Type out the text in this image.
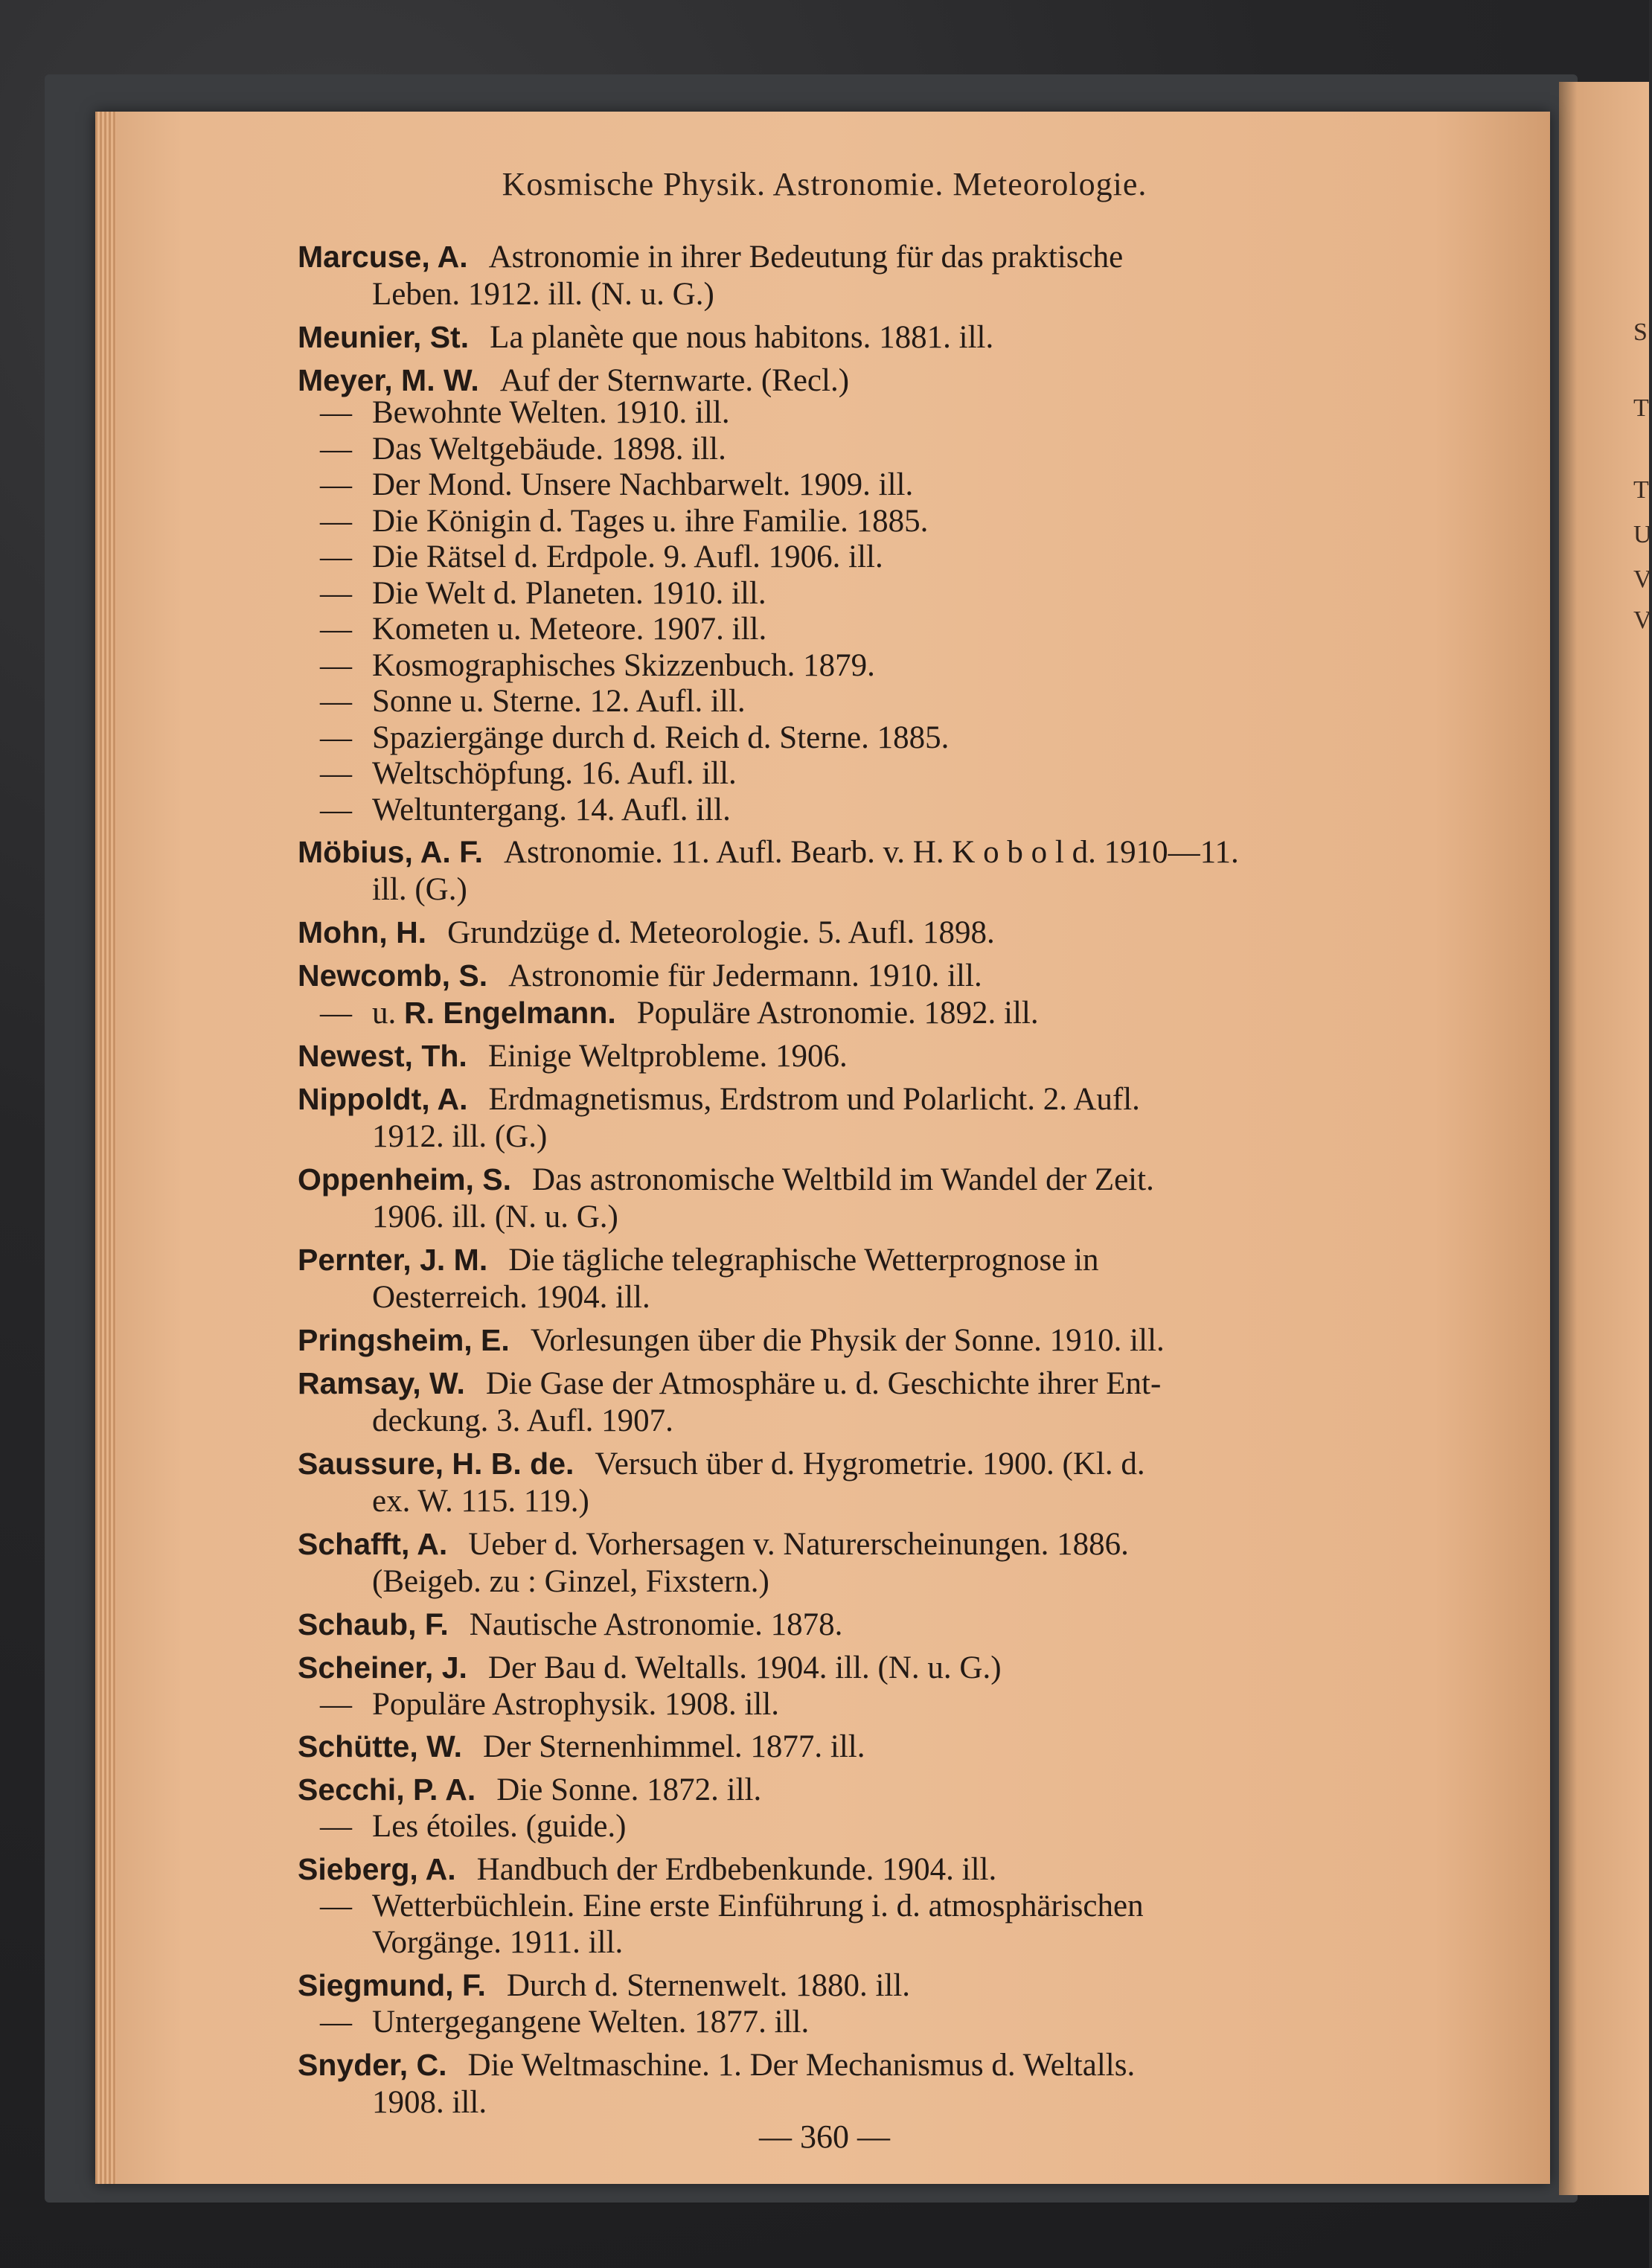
S
T
T
U
V
V
Kosmische Physik. Astronomie. Meteorologie.
Marcuse, A. Astronomie in ihrer Bedeutung für das praktische
Leben. 1912. ill. (N. u. G.)
Meunier, St. La planète que nous habitons. 1881. ill.
Meyer, M. W. Auf der Sternwarte. (Recl.)
— Bewohnte Welten. 1910. ill.
— Das Weltgebäude. 1898. ill.
— Der Mond. Unsere Nachbarwelt. 1909. ill.
— Die Königin d. Tages u. ihre Familie. 1885.
— Die Rätsel d. Erdpole. 9. Aufl. 1906. ill.
— Die Welt d. Planeten. 1910. ill.
— Kometen u. Meteore. 1907. ill.
— Kosmographisches Skizzenbuch. 1879.
— Sonne u. Sterne. 12. Aufl. ill.
— Spaziergänge durch d. Reich d. Sterne. 1885.
— Weltschöpfung. 16. Aufl. ill.
— Weltuntergang. 14. Aufl. ill.
Möbius, A. F. Astronomie. 11. Aufl. Bearb. v. H. K o b o l d. 1910—11.
ill. (G.)
Mohn, H. Grundzüge d. Meteorologie. 5. Aufl. 1898.
Newcomb, S. Astronomie für Jedermann. 1910. ill.
— u. R. Engelmann. Populäre Astronomie. 1892. ill.
Newest, Th. Einige Weltprobleme. 1906.
Nippoldt, A. Erdmagnetismus, Erdstrom und Polarlicht. 2. Aufl.
1912. ill. (G.)
Oppenheim, S. Das astronomische Weltbild im Wandel der Zeit.
1906. ill. (N. u. G.)
Pernter, J. M. Die tägliche telegraphische Wetterprognose in
Oesterreich. 1904. ill.
Pringsheim, E. Vorlesungen über die Physik der Sonne. 1910. ill.
Ramsay, W. Die Gase der Atmosphäre u. d. Geschichte ihrer Ent-
deckung. 3. Aufl. 1907.
Saussure, H. B. de. Versuch über d. Hygrometrie. 1900. (Kl. d.
ex. W. 115. 119.)
Schafft, A. Ueber d. Vorhersagen v. Naturerscheinungen. 1886.
(Beigeb. zu : Ginzel, Fixstern.)
Schaub, F. Nautische Astronomie. 1878.
Scheiner, J. Der Bau d. Weltalls. 1904. ill. (N. u. G.)
— Populäre Astrophysik. 1908. ill.
Schütte, W. Der Sternenhimmel. 1877. ill.
Secchi, P. A. Die Sonne. 1872. ill.
— Les étoiles. (guide.)
Sieberg, A. Handbuch der Erdbebenkunde. 1904. ill.
— Wetterbüchlein. Eine erste Einführung i. d. atmosphärischen
Vorgänge. 1911. ill.
Siegmund, F. Durch d. Sternenwelt. 1880. ill.
— Untergegangene Welten. 1877. ill.
Snyder, C. Die Weltmaschine. 1. Der Mechanismus d. Weltalls.
1908. ill.
— 360 —
